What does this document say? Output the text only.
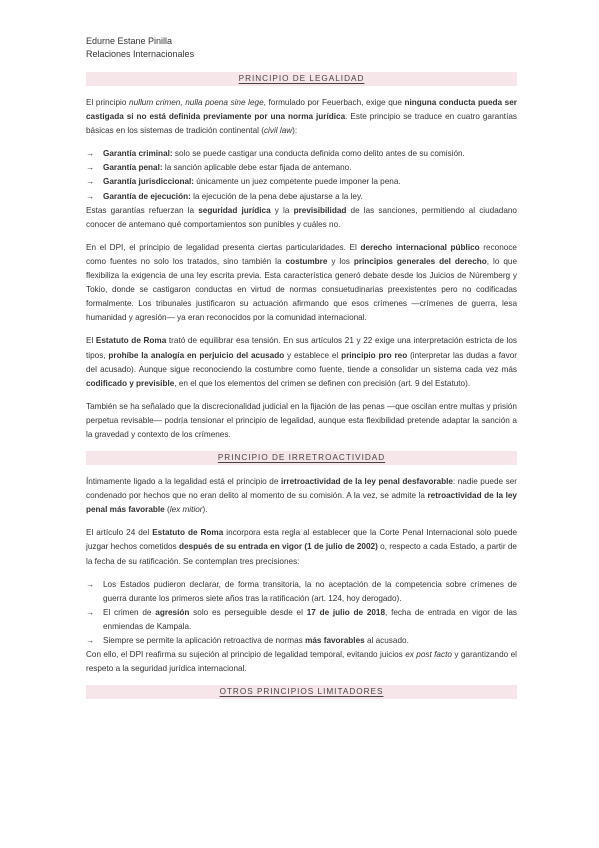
Edurne Estane Pinilla
Relaciones Internacionales
PRINCIPIO DE LEGALIDAD

El principio nullum crimen, nulla poena sine lege, formulado por Feuerbach, exige que ninguna conducta pueda ser castigada si no está definida previamente por una norma jurídica. Este principio se traduce en cuatro garantías básicas en los sistemas de tradición continental (civil law):

→ Garantía criminal: solo se puede castigar una conducta definida como delito antes de su comisión.
→ Garantía penal: la sanción aplicable debe estar fijada de antemano.
→ Garantía jurisdiccional: únicamente un juez competente puede imponer la pena.
→ Garantía de ejecución: la ejecución de la pena debe ajustarse a la ley.

Estas garantías refuerzan la seguridad jurídica y la previsibilidad de las sanciones, permitiendo al ciudadano conocer de antemano qué comportamientos son punibles y cuáles no.

En el DPI, el principio de legalidad presenta ciertas particularidades. El derecho internacional público reconoce como fuentes no solo los tratados, sino también la costumbre y los principios generales del derecho, lo que flexibiliza la exigencia de una ley escrita previa. Esta característica generó debate desde los Juicios de Núremberg y Tokio, donde se castigaron conductas en virtud de normas consuetudinarias preexistentes pero no codificadas formalmente. Los tribunales justificaron su actuación afirmando que esos crímenes —crímenes de guerra, lesa humanidad y agresión— ya eran reconocidos por la comunidad internacional.

El Estatuto de Roma trató de equilibrar esa tensión. En sus artículos 21 y 22 exige una interpretación estricta de los tipos, prohíbe la analogía en perjuicio del acusado y establece el principio pro reo (interpretar las dudas a favor del acusado). Aunque sigue reconociendo la costumbre como fuente, tiende a consolidar un sistema cada vez más codificado y previsible, en el que los elementos del crimen se definen con precisión (art. 9 del Estatuto).

También se ha señalado que la discrecionalidad judicial en la fijación de las penas —que oscilan entre multas y prisión perpetua revisable— podría tensionar el principio de legalidad, aunque esta flexibilidad pretende adaptar la sanción a la gravedad y contexto de los crímenes.

PRINCIPIO DE IRRETROACTIVIDAD

Íntimamente ligado a la legalidad está el principio de irretroactividad de la ley penal desfavorable: nadie puede ser condenado por hechos que no eran delito al momento de su comisión. A la vez, se admite la retroactividad de la ley penal más favorable (lex mitior).

El artículo 24 del Estatuto de Roma incorpora esta regla al establecer que la Corte Penal Internacional solo puede juzgar hechos cometidos después de su entrada en vigor (1 de julio de 2002) o, respecto a cada Estado, a partir de la fecha de su ratificación. Se contemplan tres precisiones:

→ Los Estados pudieron declarar, de forma transitoria, la no aceptación de la competencia sobre crímenes de guerra durante los primeros siete años tras la ratificación (art. 124, hoy derogado).
→ El crimen de agresión solo es perseguible desde el 17 de julio de 2018, fecha de entrada en vigor de las enmiendas de Kampala.
→ Siempre se permite la aplicación retroactiva de normas más favorables al acusado.

Con ello, el DPI reafirma su sujeción al principio de legalidad temporal, evitando juicios ex post facto y garantizando el respeto a la seguridad jurídica internacional.

OTROS PRINCIPIOS LIMITADORES
